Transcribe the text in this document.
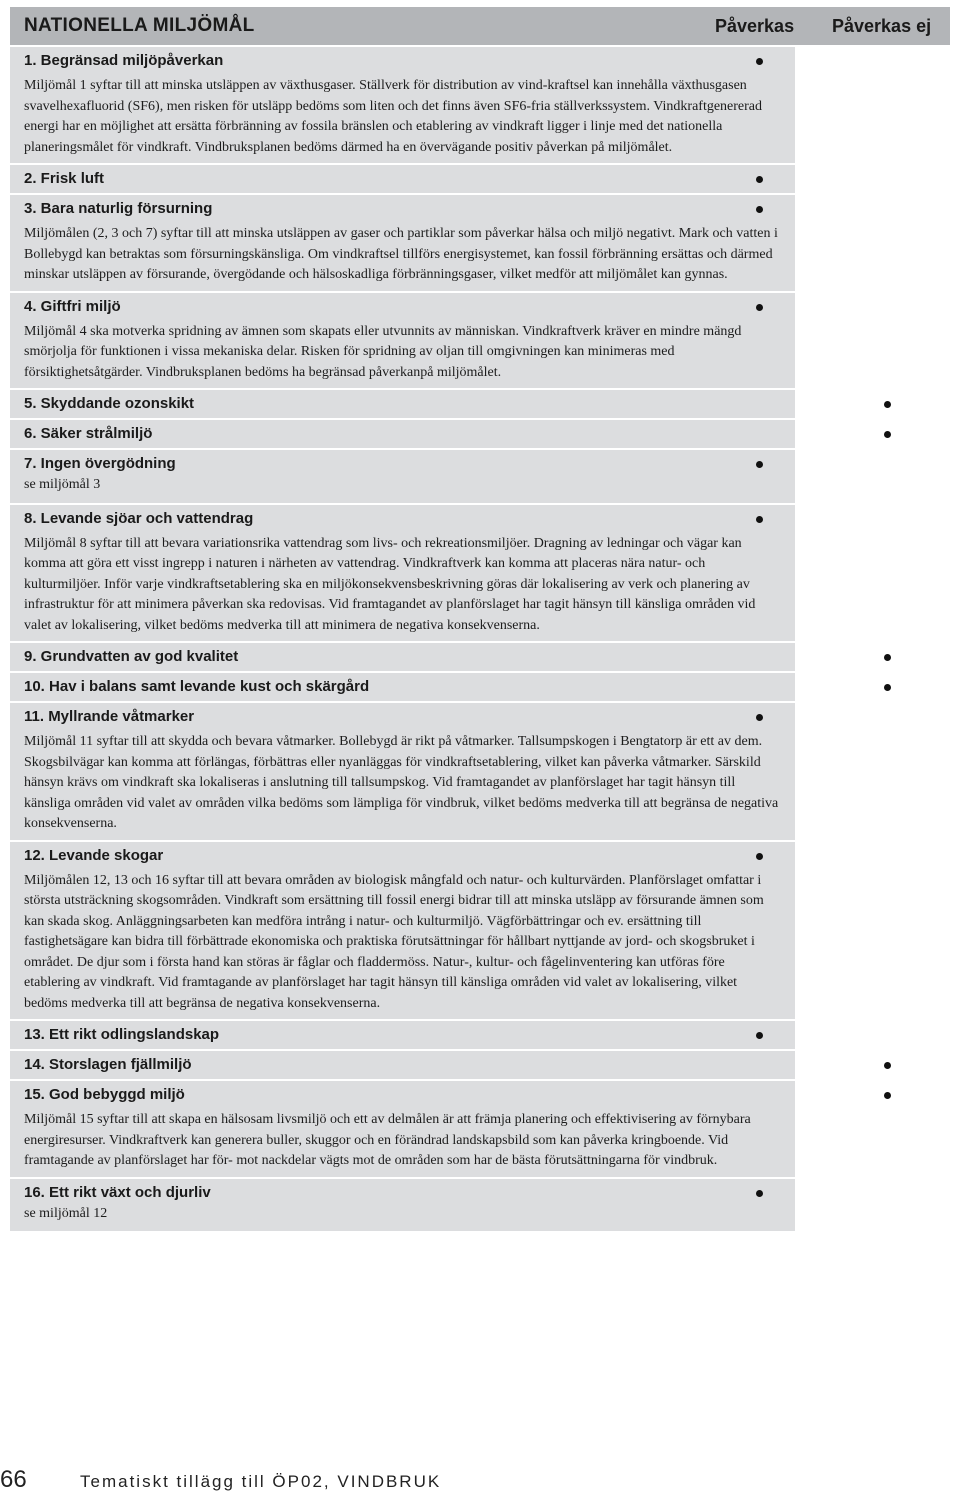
NATIONELLA MILJÖMÅL	Påverkas Påverkas ej
1. Begränsad miljöpåverkan
Miljömål 1 syftar till att minska utsläppen av växthusgaser. Ställverk för distribution av vind-kraftsel kan innehålla växthusgasen svavelhexafluorid (SF6), men risken för utsläpp bedöms som liten och det finns även SF6-fria ställverkssystem. Vindkraftgenererad energi har en möjlighet att ersätta förbränning av fossila bränslen och etablering av vindkraft ligger i linje med det nationella planeringsmålet för vindkraft. Vindbruksplanen bedöms därmed ha en övervägande positiv påverkan på miljömålet.
2. Frisk luft
3. Bara naturlig försurning
Miljömålen (2, 3 och 7) syftar till att minska utsläppen av gaser och partiklar som påverkar hälsa och miljö negativt. Mark och vatten i Bollebygd kan betraktas som försurningskänsliga. Om vindkraftsel tillförs energisystemet, kan fossil förbränning ersättas och därmed minskar utsläppen av försurande, övergödande och hälsoskadliga förbränningsgaser, vilket medför att miljömålet kan gynnas.
4. Giftfri miljö
Miljömål 4 ska motverka spridning av ämnen som skapats eller utvunnits av människan. Vindkraftverk kräver en mindre mängd smörjolja för funktionen i vissa mekaniska delar. Risken för spridning av oljan till omgivningen kan minimeras med försiktighetsåtgärder. Vindbruksplanen bedöms ha begränsad påverkanpå miljömålet.
5. Skyddande ozonskikt
6. Säker strålmiljö
7. Ingen övergödning
se miljömål 3
8. Levande sjöar och vattendrag
Miljömål 8 syftar till att bevara variationsrika vattendrag som livs- och rekreationsmiljöer. Dragning av ledningar och vägar kan komma att göra ett visst ingrepp i naturen i närheten av vattendrag. Vindkraftverk kan komma att placeras nära natur- och kulturmiljöer. Inför varje vindkraftsetablering ska en miljökonsekvensbeskrivning göras där lokalisering av verk och planering av infrastruktur för att minimera påverkan ska redovisas. Vid framtagandet av planförslaget har tagit hänsyn till känsliga områden vid valet av lokalisering, vilket bedöms medverka till att minimera de negativa konsekvenserna.
9. Grundvatten av god kvalitet
10. Hav i balans samt levande kust och skärgård
11. Myllrande våtmarker
Miljömål 11 syftar till att skydda och bevara våtmarker. Bollebygd är rikt på våtmarker. Tallsumpskogen i Bengtatorp är ett av dem. Skogsbilvägar kan komma att förlängas, förbättras eller nyanläggas för vindkraftsetablering, vilket kan påverka våtmarker. Särskild hänsyn krävs om vindkraft ska lokaliseras i anslutning till tallsumpskog. Vid framtagandet av planförslaget har tagit hänsyn till känsliga områden vid valet av områden vilka bedöms som lämpliga för vindbruk, vilket bedöms medverka till att begränsa de negativa konsekvenserna.
12. Levande skogar
Miljömålen 12, 13 och 16 syftar till att bevara områden av biologisk mångfald och natur- och kulturvärden. Planförslaget omfattar i största utsträckning skogsområden. Vindkraft som ersättning till fossil energi bidrar till att minska utsläpp av försurande ämnen som kan skada skog. Anläggningsarbeten kan medföra intrång i natur- och kulturmiljö. Vägförbättringar och ev. ersättning till fastighetsägare kan bidra till förbättrade ekonomiska och praktiska förutsättningar för hållbart nyttjande av jord- och skogsbruket i området. De djur som i första hand kan störas är fåglar och fladdermöss. Natur-, kultur- och fågelinventering kan utföras före etablering av vindkraft. Vid framtagande av planförslaget har tagit hänsyn till känsliga områden vid valet av lokalisering, vilket bedöms medverka till att begränsa de negativa konsekvenserna.
13. Ett rikt odlingslandskap
14. Storslagen fjällmiljö
15. God bebyggd miljö
Miljömål 15 syftar till att skapa en hälsosam livsmiljö och ett av delmålen är att främja planering och effektivisering av förnybara energiresurser. Vindkraftverk kan generera buller, skuggor och en förändrad landskapsbild som kan påverka kringboende. Vid framtagande av planförslaget har för- mot nackdelar vägts mot de områden som har de bästa förutsättningarna för vindbruk.
16. Ett rikt växt och djurliv
se miljömål 12
66	Tematiskt tillägg till ÖP02, VINDBRUK
